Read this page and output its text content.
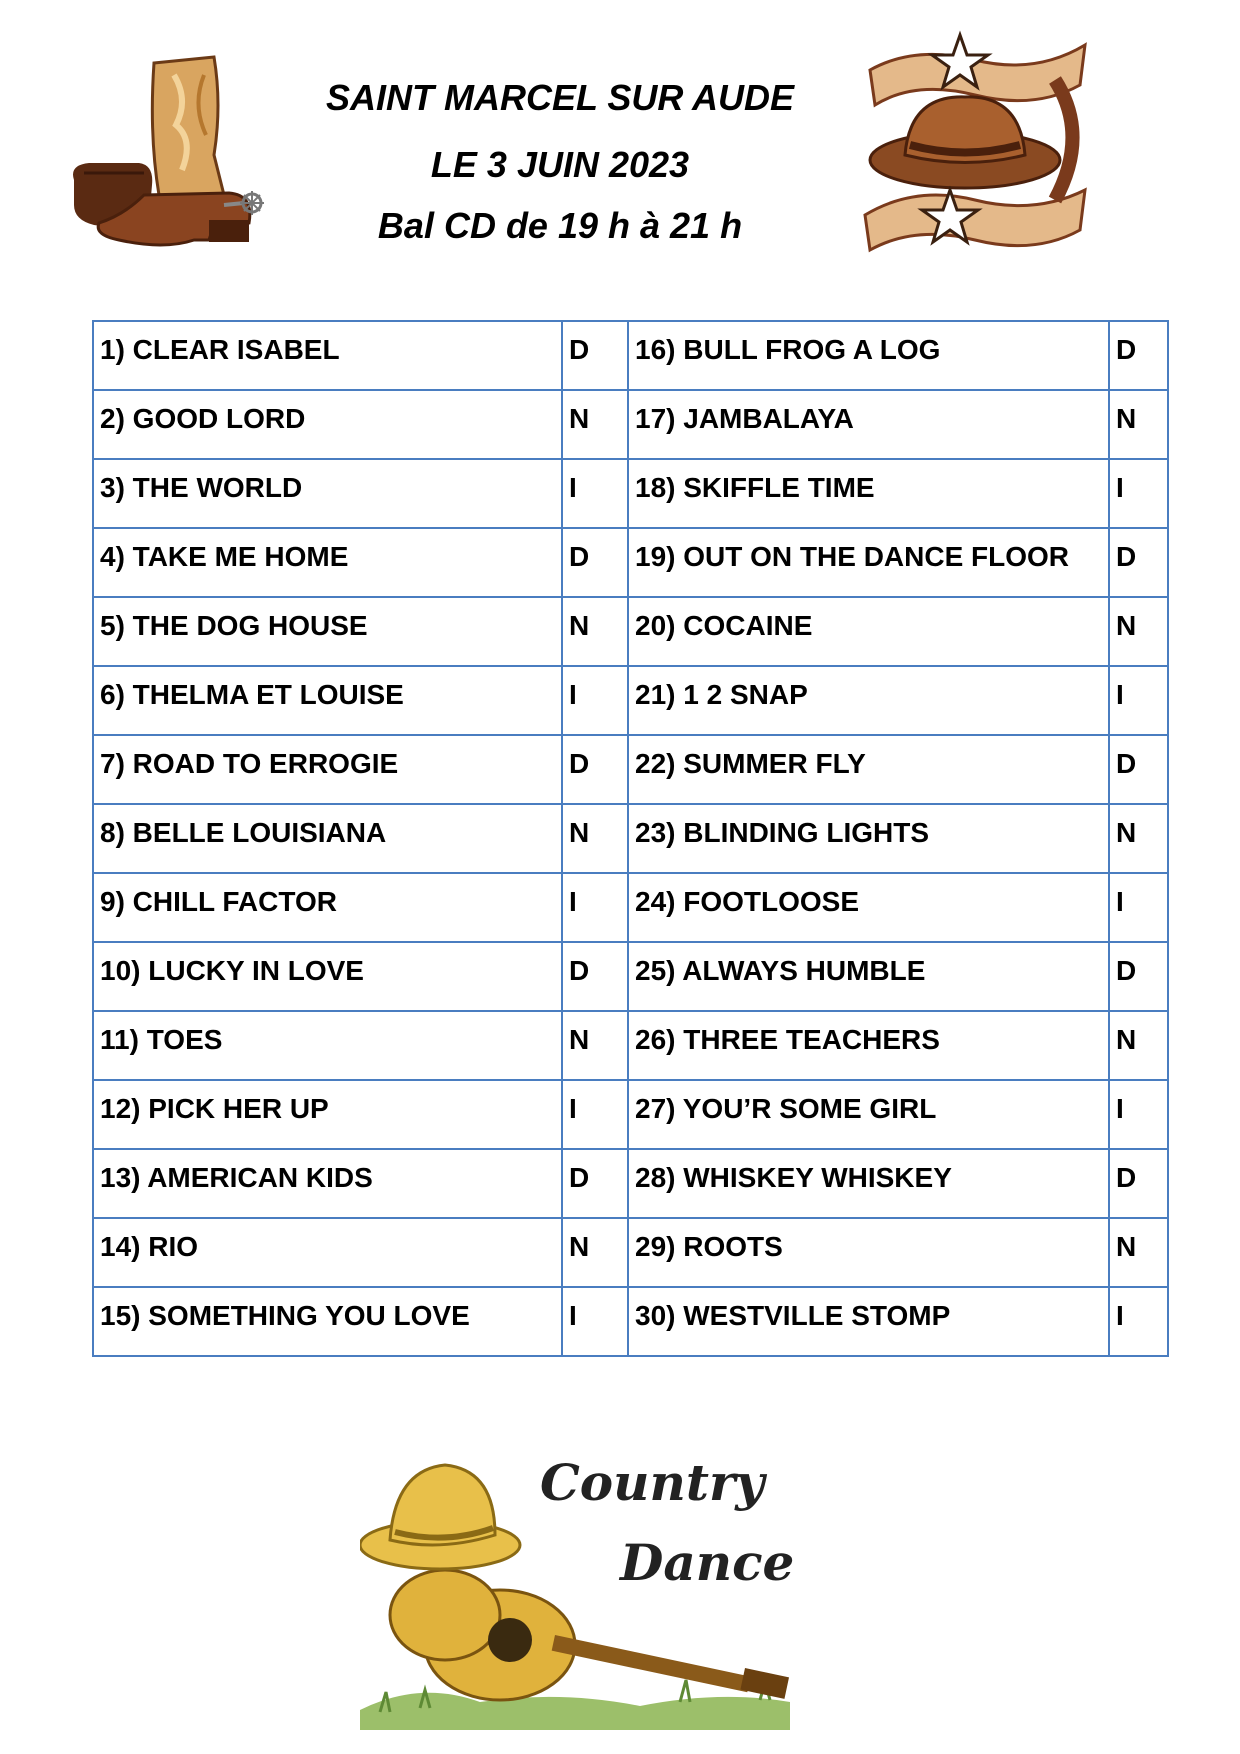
SAINT MARCEL SUR AUDE
LE 3 JUIN 2023
Bal CD de 19 h à 21 h
1) CLEAR ISABEL	D	16) BULL FROG A LOG	D
2) GOOD LORD	N	17) JAMBALAYA	N
3) THE WORLD	I	18) SKIFFLE TIME	I
4) TAKE ME HOME	D	19) OUT ON THE DANCE FLOOR	D
5) THE DOG HOUSE	N	20) COCAINE	N
6) THELMA ET LOUISE	I	21) 1 2 SNAP	I
7) ROAD TO ERROGIE	D	22) SUMMER FLY	D
8) BELLE LOUISIANA	N	23) BLINDING LIGHTS	N
9) CHILL FACTOR	I	24) FOOTLOOSE	I
10) LUCKY IN LOVE	D	25) ALWAYS HUMBLE	D
11) TOES	N	26) THREE TEACHERS	N
12) PICK HER UP	I	27) YOU’R SOME GIRL	I
13) AMERICAN KIDS	D	28) WHISKEY WHISKEY	D
14) RIO	N	29) ROOTS	N
15) SOMETHING YOU LOVE	I	30) WESTVILLE STOMP	I
Country
Dance
